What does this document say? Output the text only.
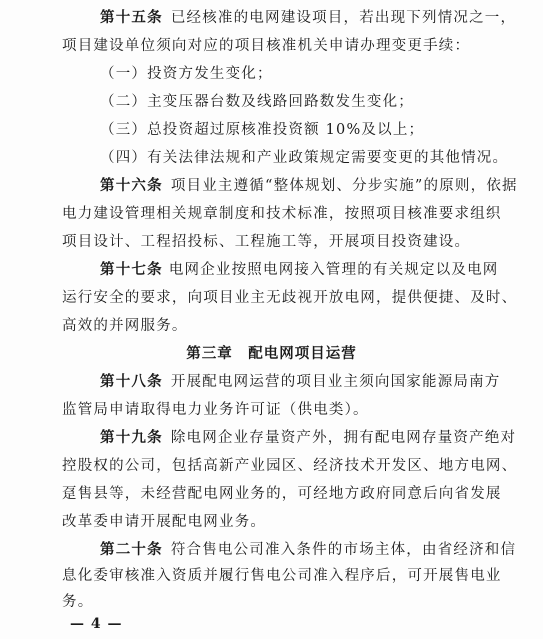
第十五条 已经核准的电网建设项目，若出现下列情况之一，
项目建设单位须向对应的项目核准机关申请办理变更手续：
（一）投资方发生变化；
（二）主变压器台数及线路回路数发生变化；
（三）总投资超过原核准投资额 10%及以上；
（四）有关法律法规和产业政策规定需要变更的其他情况。
第十六条 项目业主遵循“整体规划、分步实施”的原则，依据
电力建设管理相关规章制度和技术标准，按照项目核准要求组织
项目设计、工程招投标、工程施工等，开展项目投资建设。
第十七条 电网企业按照电网接入管理的有关规定以及电网
运行安全的要求，向项目业主无歧视开放电网，提供便捷、及时、
高效的并网服务。
第三章　配电网项目运营
第十八条 开展配电网运营的项目业主须向国家能源局南方
监管局申请取得电力业务许可证（供电类）。
第十九条 除电网企业存量资产外，拥有配电网存量资产绝对
控股权的公司，包括高新产业园区、经济技术开发区、地方电网、
趸售县等，未经营配电网业务的，可经地方政府同意后向省发展
改革委申请开展配电网业务。
第二十条 符合售电公司准入条件的市场主体，由省经济和信
— 4 —
息化委审核准入资质并履行售电公司准入程序后，可开展售电业
务。
